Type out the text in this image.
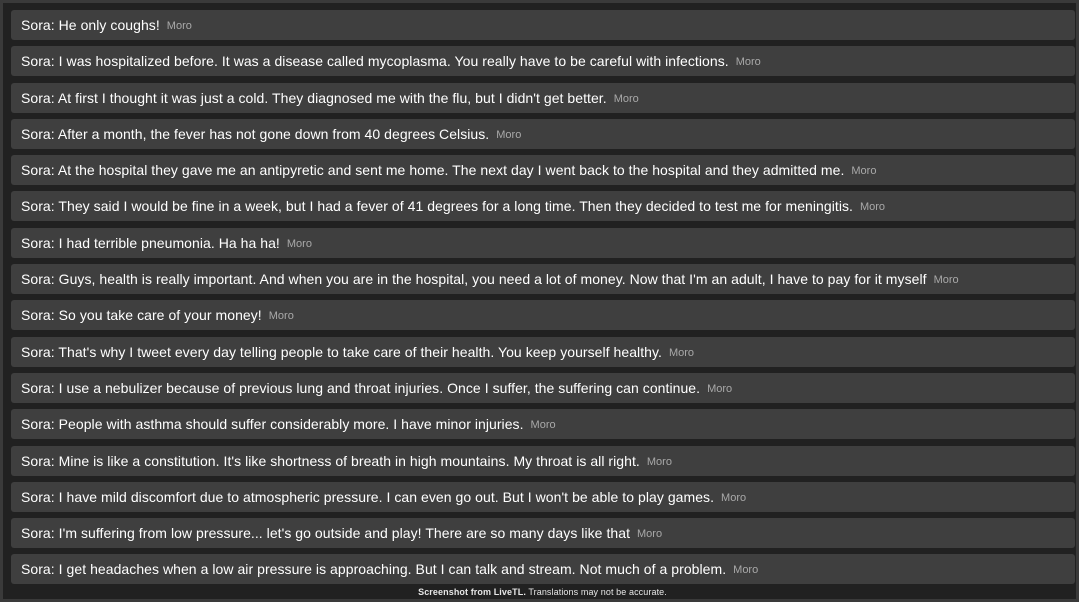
Sora: He only coughs! Moro
Sora: I was hospitalized before. It was a disease called mycoplasma. You really have to be careful with infections. Moro
Sora: At first I thought it was just a cold. They diagnosed me with the flu, but I didn't get better. Moro
Sora: After a month, the fever has not gone down from 40 degrees Celsius. Moro
Sora: At the hospital they gave me an antipyretic and sent me home. The next day I went back to the hospital and they admitted me. Moro
Sora: They said I would be fine in a week, but I had a fever of 41 degrees for a long time. Then they decided to test me for meningitis. Moro
Sora: I had terrible pneumonia. Ha ha ha! Moro
Sora: Guys, health is really important. And when you are in the hospital, you need a lot of money. Now that I'm an adult, I have to pay for it myself Moro
Sora: So you take care of your money! Moro
Sora: That's why I tweet every day telling people to take care of their health. You keep yourself healthy. Moro
Sora: I use a nebulizer because of previous lung and throat injuries. Once I suffer, the suffering can continue. Moro
Sora: People with asthma should suffer considerably more. I have minor injuries. Moro
Sora: Mine is like a constitution. It's like shortness of breath in high mountains. My throat is all right. Moro
Sora: I have mild discomfort due to atmospheric pressure. I can even go out. But I won't be able to play games. Moro
Sora: I'm suffering from low pressure... let's go outside and play! There are so many days like that Moro
Sora: I get headaches when a low air pressure is approaching. But I can talk and stream. Not much of a problem. Moro
Screenshot from LiveTL. Translations may not be accurate.
